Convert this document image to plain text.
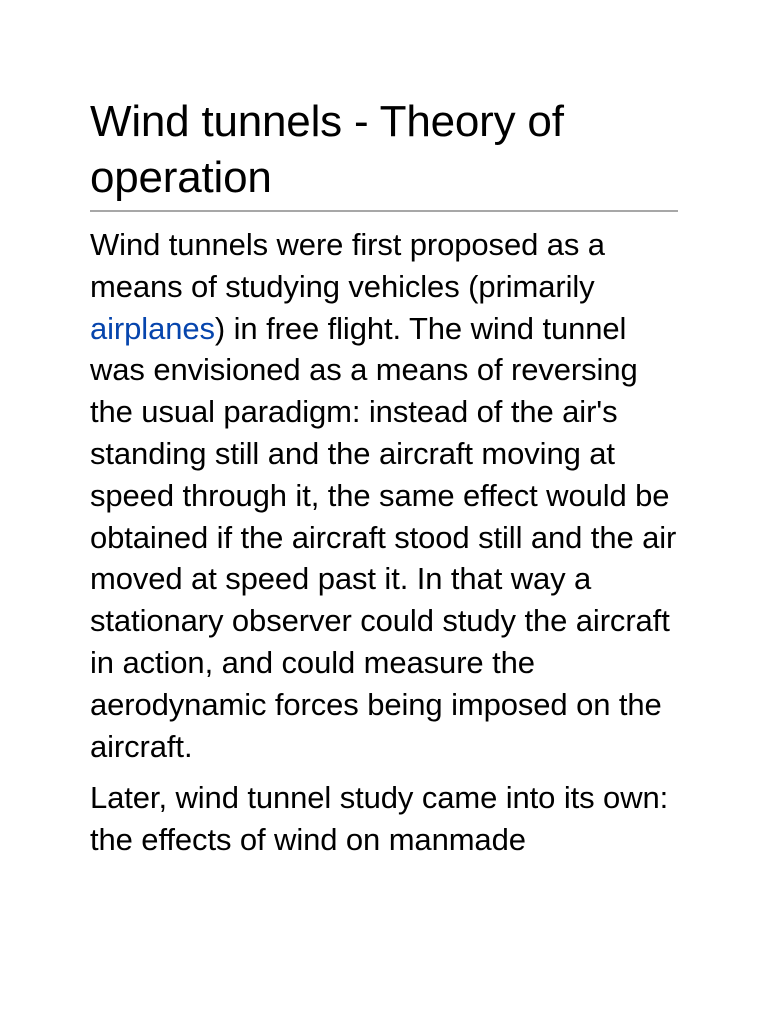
Wind tunnels - Theory of operation

Wind tunnels were first proposed as a means of studying vehicles (primarily airplanes) in free flight. The wind tunnel was envisioned as a means of reversing the usual paradigm: instead of the air's standing still and the aircraft moving at speed through it, the same effect would be obtained if the aircraft stood still and the air moved at speed past it. In that way a stationary observer could study the aircraft in action, and could measure the aerodynamic forces being imposed on the aircraft.

Later, wind tunnel study came into its own: the effects of wind on manmade
